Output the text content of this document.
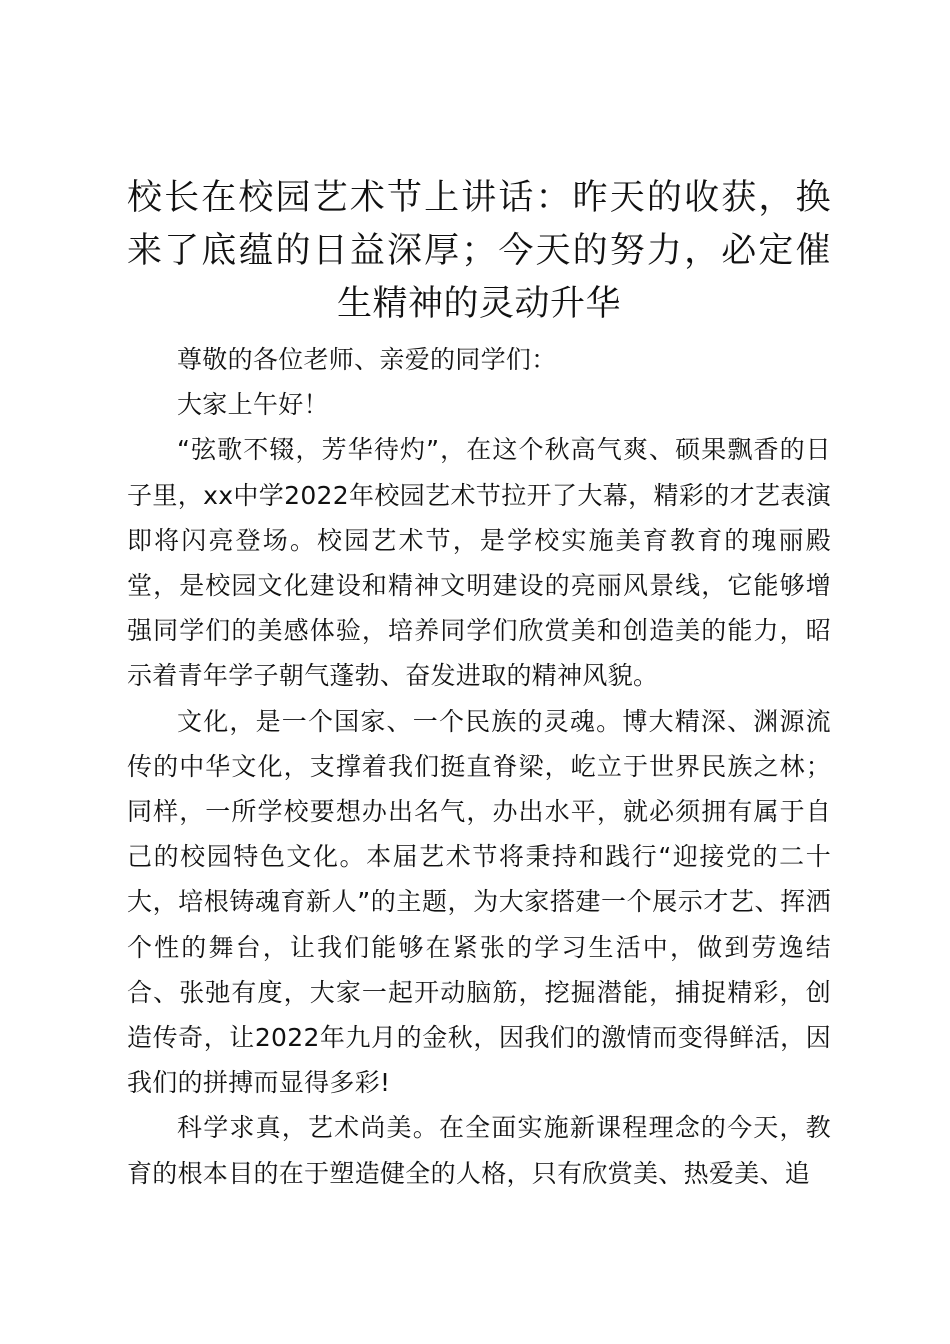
校长在校园艺术节上讲话：昨天的收获，换来了底蕴的日益深厚；今天的努力，必定催生精神的灵动升华

尊敬的各位老师、亲爱的同学们：

大家上午好！

“弦歌不辍，芳华待灼”，在这个秋高气爽、硕果飘香的日子里，xx中学2022年校园艺术节拉开了大幕，精彩的才艺表演即将闪亮登场。校园艺术节，是学校实施美育教育的瑰丽殿堂，是校园文化建设和精神文明建设的亮丽风景线，它能够增强同学们的美感体验，培养同学们欣赏美和创造美的能力，昭示着青年学子朝气蓬勃、奋发进取的精神风貌。

文化，是一个国家、一个民族的灵魂。博大精深、渊源流传的中华文化，支撑着我们挺直脊梁，屹立于世界民族之林；同样，一所学校要想办出名气，办出水平，就必须拥有属于自己的校园特色文化。本届艺术节将秉持和践行“迎接党的二十大，培根铸魂育新人”的主题，为大家搭建一个展示才艺、挥洒个性的舞台，让我们能够在紧张的学习生活中，做到劳逸结合、张弛有度，大家一起开动脑筋，挖掘潜能，捕捉精彩，创造传奇，让2022年九月的金秋，因我们的激情而变得鲜活，因我们的拼搏而显得多彩!

科学求真，艺术尚美。在全面实施新课程理念的今天，教育的根本目的在于塑造健全的人格，只有欣赏美、热爱美、追
